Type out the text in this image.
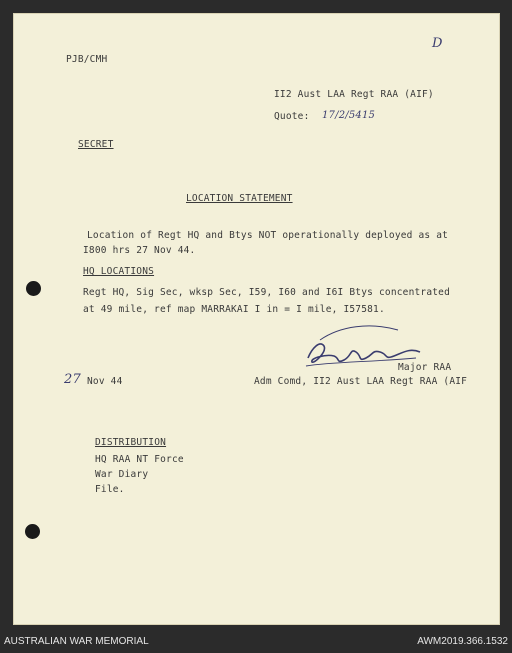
PJB/CMH
D
II2 Aust LAA Regt RAA (AIF)
Quote: 17/2/5415
SECRET
LOCATION STATEMENT
Location of Regt HQ and Btys NOT operationally deployed as at
I800 hrs 27 Nov 44.
HQ LOCATIONS
Regt HQ, Sig Sec, wksp Sec, I59, I60 and I6I Btys concentrated
at 49 mile, ref map MARRAKAI I in = I mile, I57581.
Major RAA
27 Nov 44	Adm Comd, II2 Aust LAA Regt RAA (AIF
DISTRIBUTION
HQ RAA NT Force
War Diary
File.
AUSTRALIAN WAR MEMORIAL	AWM2019.366.1532
